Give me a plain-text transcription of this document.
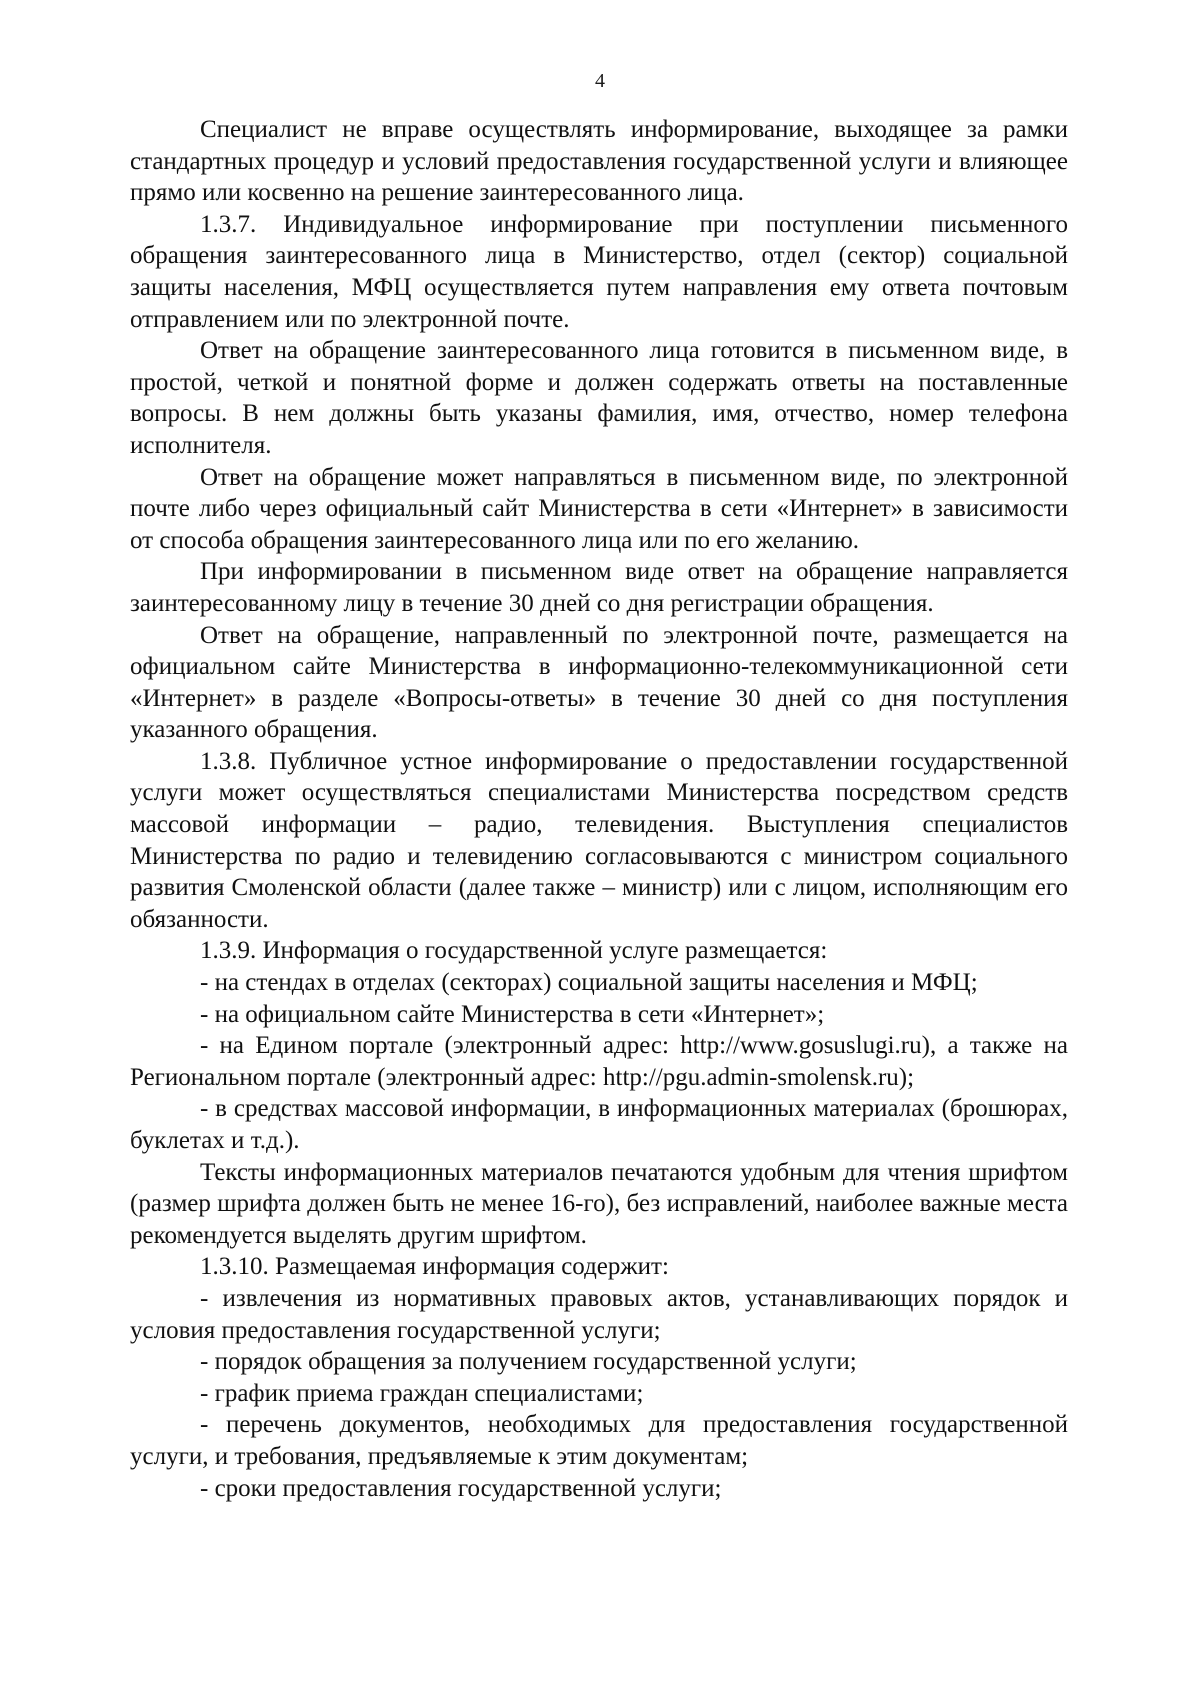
4

Специалист не вправе осуществлять информирование, выходящее за рамки стандартных процедур и условий предоставления государственной услуги и влияющее прямо или косвенно на решение заинтересованного лица.

1.3.7. Индивидуальное информирование при поступлении письменного обращения заинтересованного лица в Министерство, отдел (сектор) социальной защиты населения, МФЦ осуществляется путем направления ему ответа почтовым отправлением или по электронной почте.

Ответ на обращение заинтересованного лица готовится в письменном виде, в простой, четкой и понятной форме и должен содержать ответы на поставленные вопросы. В нем должны быть указаны фамилия, имя, отчество, номер телефона исполнителя.

Ответ на обращение может направляться в письменном виде, по электронной почте либо через официальный сайт Министерства в сети «Интернет» в зависимости от способа обращения заинтересованного лица или по его желанию.

При информировании в письменном виде ответ на обращение направляется заинтересованному лицу в течение 30 дней со дня регистрации обращения.

Ответ на обращение, направленный по электронной почте, размещается на официальном сайте Министерства в информационно-телекоммуникационной сети «Интернет» в разделе «Вопросы-ответы» в течение 30 дней со дня поступления указанного обращения.

1.3.8. Публичное устное информирование о предоставлении государственной услуги может осуществляться специалистами Министерства посредством средств массовой информации – радио, телевидения. Выступления специалистов Министерства по радио и телевидению согласовываются с министром социального развития Смоленской области (далее также – министр) или с лицом, исполняющим его обязанности.

1.3.9. Информация о государственной услуге размещается:

- на стендах в отделах (секторах) социальной защиты населения и МФЦ;

- на официальном сайте Министерства в сети «Интернет»;

- на Едином портале (электронный адрес: http://www.gosuslugi.ru), а также на Региональном портале (электронный адрес: http://pgu.admin-smolensk.ru);

- в средствах массовой информации, в информационных материалах (брошюрах, буклетах и т.д.).

Тексты информационных материалов печатаются удобным для чтения шрифтом (размер шрифта должен быть не менее 16-го), без исправлений, наиболее важные места рекомендуется выделять другим шрифтом.

1.3.10. Размещаемая информация содержит:

- извлечения из нормативных правовых актов, устанавливающих порядок и условия предоставления государственной услуги;

- порядок обращения за получением государственной услуги;

- график приема граждан специалистами;

- перечень документов, необходимых для предоставления государственной услуги, и требования, предъявляемые к этим документам;

- сроки предоставления государственной услуги;
